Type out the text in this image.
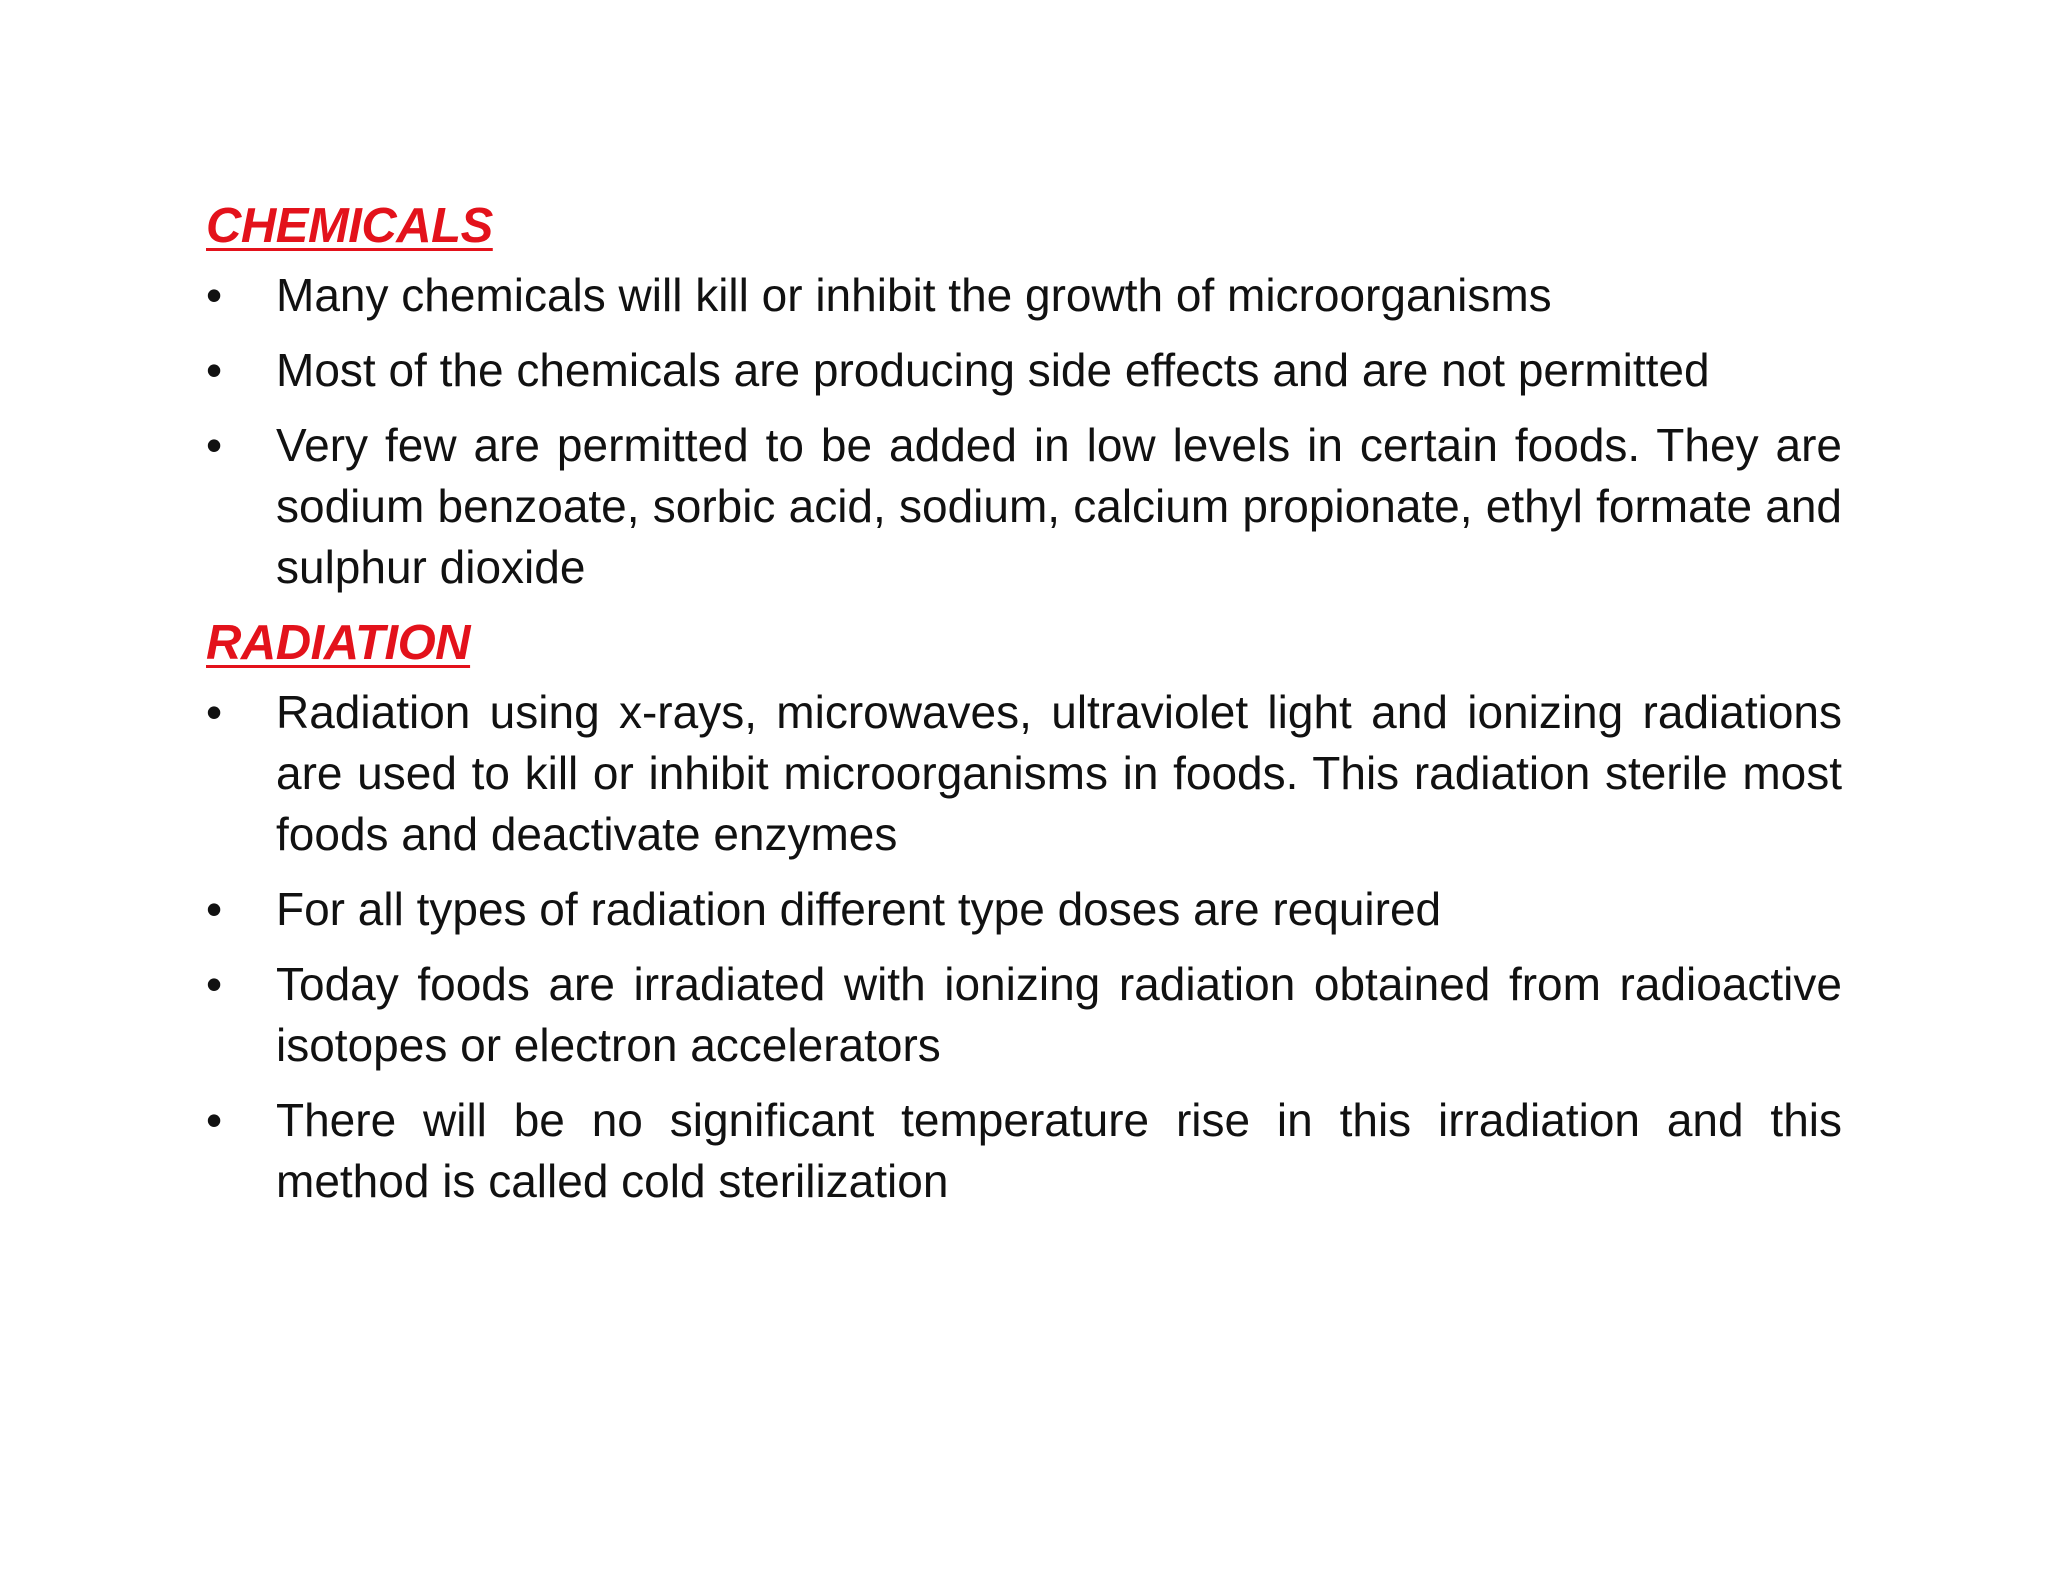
CHEMICALS
•	Many chemicals will kill or inhibit the growth of microorganisms
•	Most of the chemicals are producing side effects and are not permitted
•	Very few are permitted to be added in low levels in certain foods. They are sodium benzoate, sorbic acid, sodium, calcium propionate, ethyl formate and sulphur dioxide
RADIATION
•	Radiation using x-rays, microwaves, ultraviolet light and ionizing radiations are used to kill or inhibit microorganisms in foods. This radiation sterile most foods and deactivate enzymes
•	For all types of radiation different type doses are required
•	Today foods are irradiated with ionizing radiation obtained from radioactive isotopes or electron accelerators
•	There will be no significant temperature rise in this irradiation and this method is called cold sterilization
